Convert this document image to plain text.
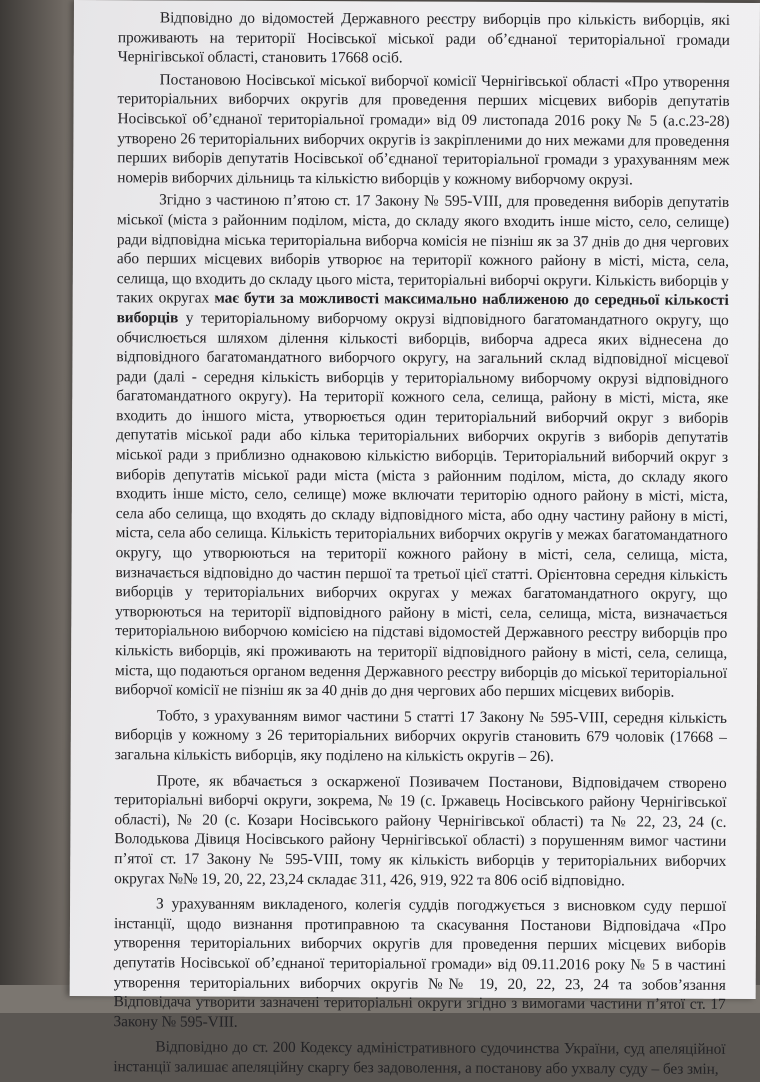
Відповідно до відомостей Державного реєстру виборців про кількість виборців, які проживають на території Носівської міської ради об’єднаної територіальної громади Чернігівської області, становить 17668 осіб.

Постановою Носівської міської виборчої комісії Чернігівської області «Про утворення територіальних виборчих округів для проведення перших місцевих виборів депутатів Носівської об’єднаної територіальної громади» від 09 листопада 2016 року № 5 (а.с.23-28) утворено 26 територіальних виборчих округів із закріпленими до них межами для проведення перших виборів депутатів Носівської об’єднаної територіальної громади з урахуванням меж номерів виборчих дільниць та кількістю виборців у кожному виборчому окрузі.

Згідно з частиною п’ятою ст. 17 Закону № 595-VIII, для проведення виборів депутатів міської (міста з районним поділом, міста, до складу якого входить інше місто, село, селище) ради відповідна міська територіальна виборча комісія не пізніш як за 37 днів до дня чергових або перших місцевих виборів утворює на території кожного району в місті, міста, села, селища, що входить до складу цього міста, територіальні виборчі округи. Кількість виборців у таких округах має бути за можливості максимально наближеною до середньої кількості виборців у територіальному виборчому окрузі відповідного багатомандатного округу, що обчислюється шляхом ділення кількості виборців, виборча адреса яких віднесена до відповідного багатомандатного виборчого округу, на загальний склад відповідної місцевої ради (далі - середня кількість виборців у територіальному виборчому окрузі відповідного багатомандатного округу). На території кожного села, селища, району в місті, міста, яке входить до іншого міста, утворюється один територіальний виборчий округ з виборів депутатів міської ради або кілька територіальних виборчих округів з виборів депутатів міської ради з приблизно однаковою кількістю виборців. Територіальний виборчий округ з виборів депутатів міської ради міста (міста з районним поділом, міста, до складу якого входить інше місто, село, селище) може включати територію одного району в місті, міста, села або селища, що входять до складу відповідного міста, або одну частину району в місті, міста, села або селища. Кількість територіальних виборчих округів у межах багатомандатного округу, що утворюються на території кожного району в місті, села, селища, міста, визначається відповідно до частин першої та третьої цієї статті. Орієнтовна середня кількість виборців у територіальних виборчих округах у межах багатомандатного округу, що утворюються на території відповідного району в місті, села, селища, міста, визначається територіальною виборчою комісією на підставі відомостей Державного реєстру виборців про кількість виборців, які проживають на території відповідного району в місті, села, селища, міста, що подаються органом ведення Державного реєстру виборців до міської територіальної виборчої комісії не пізніш як за 40 днів до дня чергових або перших місцевих виборів.

Тобто, з урахуванням вимог частини 5 статті 17 Закону № 595-VIII, середня кількість виборців у кожному з 26 територіальних виборчих округів становить 679 чоловік (17668 – загальна кількість виборців, яку поділено на кількість округів – 26).

Проте, як вбачається з оскарженої Позивачем Постанови, Відповідачем створено територіальні виборчі округи, зокрема, № 19 (с. Іржавець Носівського району Чернігівської області), № 20 (с. Козари Носівського району Чернігівської області) та № 22, 23, 24 (с. Володькова Дівиця Носівського району Чернігівської області) з порушенням вимог частини п’ятої ст. 17 Закону № 595-VIII, тому як кількість виборців у територіальних виборчих округах №№ 19, 20, 22, 23,24 складає 311, 426, 919, 922 та 806 осіб відповідно.

З урахуванням викладеного, колегія суддів погоджується з висновком суду першої інстанції, щодо визнання протиправною та скасування Постанови Відповідача «Про утворення територіальних виборчих округів для проведення перших місцевих виборів депутатів Носівської об’єднаної територіальної громади» від 09.11.2016 року № 5 в частині утворення територіальних виборчих округів №№ 19, 20, 22, 23, 24 та зобов’язання Відповідача утворити зазначені територіальні округи згідно з вимогами частини п’ятої ст. 17 Закону № 595-VIII.

Відповідно до ст. 200 Кодексу адміністративного судочинства України, суд апеляційної інстанції залишає апеляційну скаргу без задоволення, а постанову або ухвалу суду – без змін,
